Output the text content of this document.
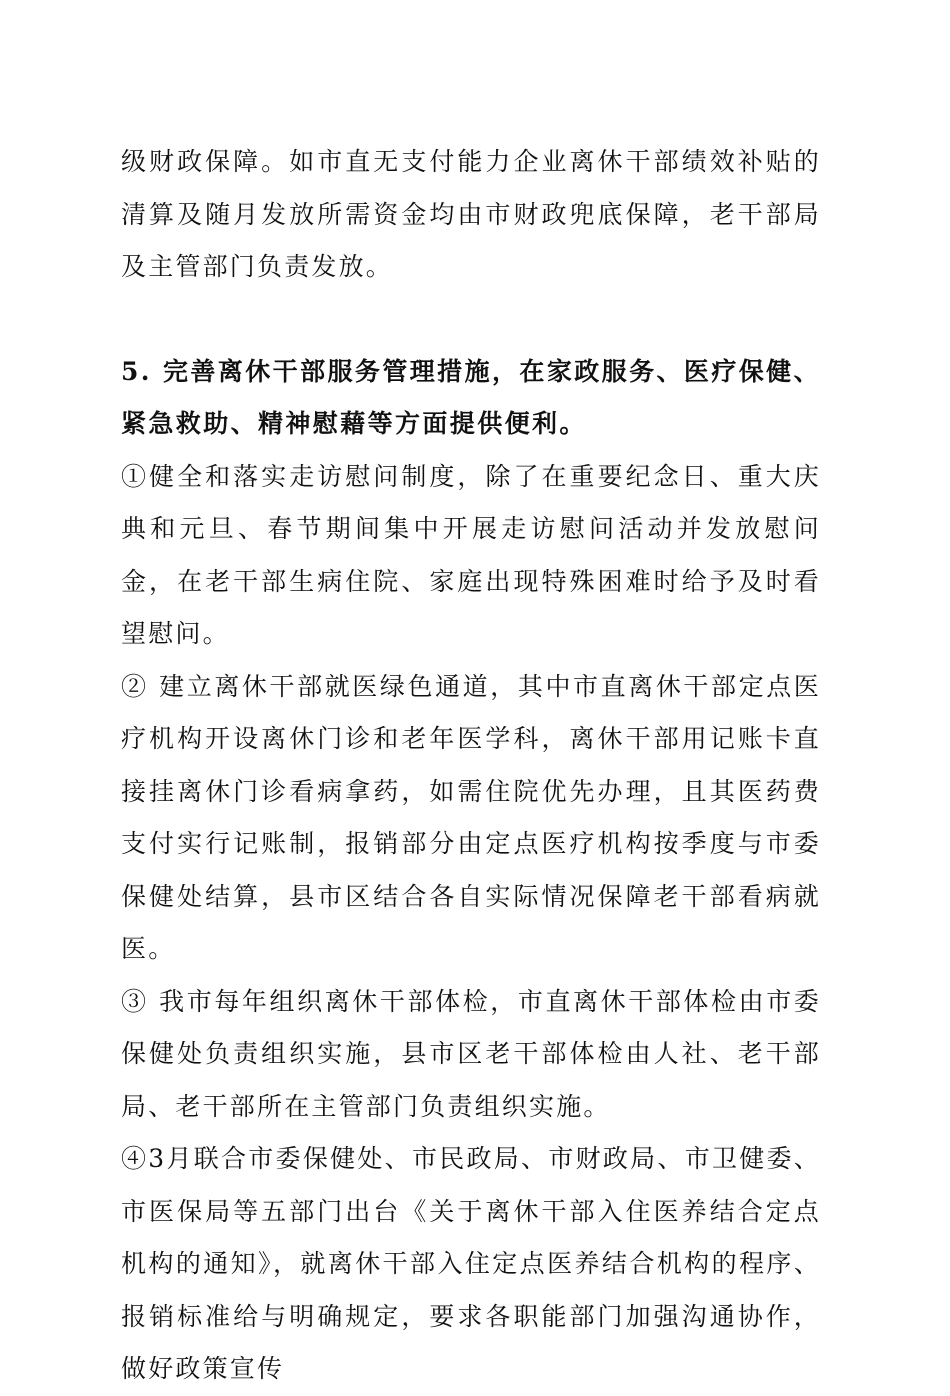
级财政保障。如市直无支付能力企业离休干部绩效补贴的清算及随月发放所需资金均由市财政兜底保障，老干部局及主管部门负责发放。

5. 完善离休干部服务管理措施，在家政服务、医疗保健、紧急救助、精神慰藉等方面提供便利。

①健全和落实走访慰问制度，除了在重要纪念日、重大庆典和元旦、春节期间集中开展走访慰问活动并发放慰问金，在老干部生病住院、家庭出现特殊困难时给予及时看望慰问。

② 建立离休干部就医绿色通道，其中市直离休干部定点医疗机构开设离休门诊和老年医学科，离休干部用记账卡直接挂离休门诊看病拿药，如需住院优先办理，且其医药费支付实行记账制，报销部分由定点医疗机构按季度与市委保健处结算，县市区结合各自实际情况保障老干部看病就医。

③ 我市每年组织离休干部体检，市直离休干部体检由市委保健处负责组织实施，县市区老干部体检由人社、老干部局、老干部所在主管部门负责组织实施。

④3月联合市委保健处、市民政局、市财政局、市卫健委、市医保局等五部门出台《关于离休干部入住医养结合定点机构的通知》，就离休干部入住定点医养结合机构的程序、报销标准给与明确规定，要求各职能部门加强沟通协作，做好政策宣传
